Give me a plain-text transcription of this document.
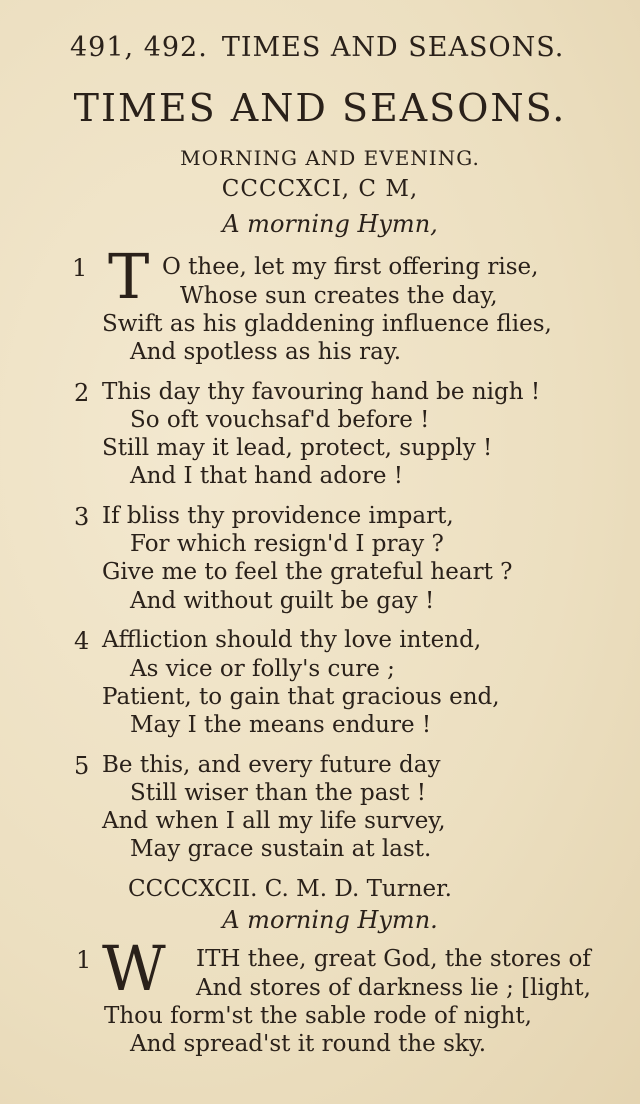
491, 492. TIMES AND SEASONS.
TIMES AND SEASONS.
MORNING AND EVENING.
CCCCXCI, C M,
A morning Hymn,
1 T O thee, let my first offering rise,
Whose sun creates the day,
Swift as his gladdening influence flies,
And spotless as his ray.
2 This day thy favouring hand be nigh !
So oft vouchsaf'd before !
Still may it lead, protect, supply !
And I that hand adore !
3 If bliss thy providence impart,
For which resign'd I pray ?
Give me to feel the grateful heart ?
And without guilt be gay !
4 Affliction should thy love intend,
As vice or folly's cure ;
Patient, to gain that gracious end,
May I the means endure !
5 Be this, and every future day
Still wiser than the past !
And when I all my life survey,
May grace sustain at last.
CCCCXCII. C. M. D. Turner.
A morning Hymn.
1 W ITH thee, great God, the stores of
And stores of darkness lie ; [light,
Thou form'st the sable rode of night,
And spread'st it round the sky.
